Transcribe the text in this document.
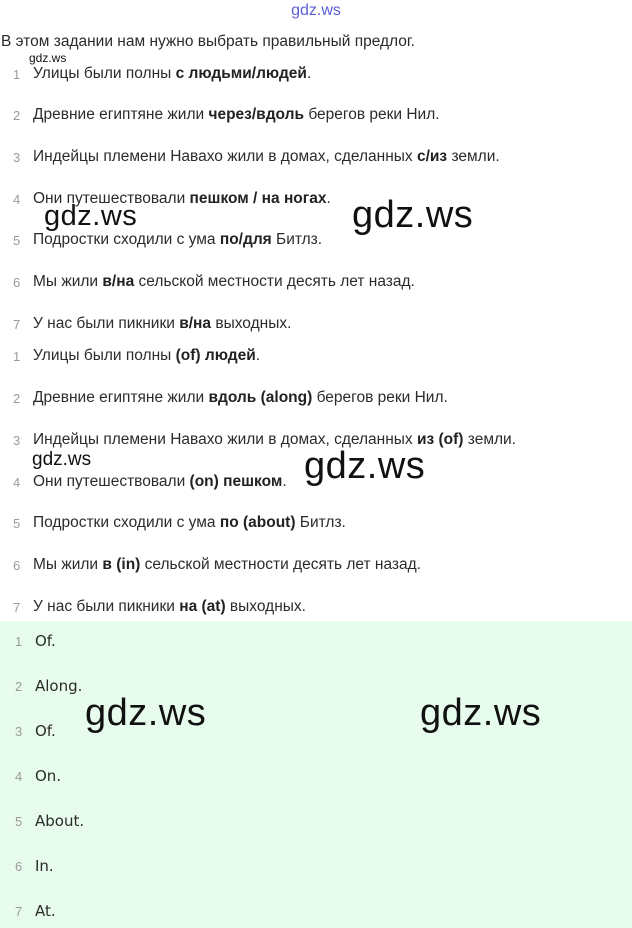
gdz.ws
В этом задании нам нужно выбрать правильный предлог.
1 Улицы были полны с людьми/людей.
2 Древние египтяне жили через/вдоль берегов реки Нил.
3 Индейцы племени Навахо жили в домах, сделанных с/из земли.
4 Они путешествовали пешком / на ногах.
5 Подростки сходили с ума по/для Битлз.
6 Мы жили в/на сельской местности десять лет назад.
7 У нас были пикники в/на выходных.
1 Улицы были полны (of) людей.
2 Древние египтяне жили вдоль (along) берегов реки Нил.
3 Индейцы племени Навахо жили в домах, сделанных из (of) земли.
4 Они путешествовали (on) пешком.
5 Подростки сходили с ума по (about) Битлз.
6 Мы жили в (in) сельской местности десять лет назад.
7 У нас были пикники на (at) выходных.
1 Of.
2 Along.
3 Of.
4 On.
5 About.
6 In.
7 At.
gdz.ws
gdz.ws	gdz.ws
gdz.ws	gdz.ws
gdz.ws	gdz.ws
